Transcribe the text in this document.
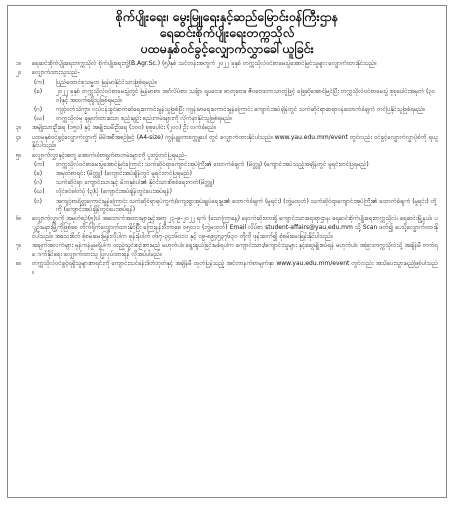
စိုက်ပျိုးရေး၊ မွေးမြူရေးနှင့်ဆည်မြောင်းဝန်ကြီးဌာန
ရေဆင်းစိုက်ပျိုးရေးတက္ကသိုလ်
ပထမနှစ်ဝင်ခွင့်လျှောက်လွှာခေါ်ယူခြင်း
၁။	ရေဆင်းစိုက်ပျိုးရေးတက္ကသိုလ် စိုက်ပျိုးရေးဘွဲ့(B.Agr.Sc.) (၅)နှစ် သင်တန်းအတွက် ၂၀၂၂ ခုနှစ် တက္ကသိုလ်ဝင်စာမေးပွဲအောင်မြင်သူများ လျှောက်ထားနိုင်သည်။
၂။	လျှောက်ထားသူသည်-
(က)	ပြည်ထောင်စုသမ္မတ မြန်မာနိုင်ငံသားဖြစ်ရမည်။
(ခ)	၂၀၂၂ ခုနှစ် တက္ကသိုလ်ဝင်စာမေးပွဲတွင် မြန်မာစာ၊ အင်္ဂလိပ်စာ၊ သင်္ချာ၊ ရူပဗေဒ၊ ဓာတုဗေဒ၊ ဇီဝဗေဒဘာသာတွဲဖြင့် ဖြေဆိုအောင်မြင်ပြီး တက္ကသိုလ်ဝင်စာမေးပွဲ စုစုပေါင်းအမှတ် (၃၀၀)နှင့် အထက်ရရှိသူဖြစ်ရမည်။
(ဂ)	ကျင့်ဝတ်သိက္ခာ၊ လုပ်ငန်းခွင်ဆက်ဆံရေးကောင်းမွန်သူဖြစ်ပြီး ကျန်းမာရေးကောင်းမွန်ကြောင်း ကျောင်းအပ်ချိန်တွင် သက်ဆိုင်ရာဆရာဝန်ထောက်ခံချက် တင်ပြနိုင်သူဖြစ်ရမည်။
(ဃ)	တက္ကသိုလ်မှ ချမှတ်ထားသော စည်းမျဉ်း စည်းကမ်းများကို လိုက်နာနိုင်သူဖြစ်ရမည်။
၃။	အမျိုးသားဦးရေ (၁၅၀) နှင့် အမျိုးသမီးဦးရေ (၁၀၀) စုစုပေါင်း (၂၀၀) ဦး လက်ခံမည်။
၄။	ပထမနှစ်ဝင်ခွင့်လျှောက်လွှာကို မိမိအစီအစဉ်ဖြင့် (A4-size) ကွန်ပျူတာစက္ကူပေါ်တွင် လျှောက်ထားနိုင်ပါသည်။ www.yau.edu.mm/event တွင်လည်း ဝင်ခွင့်လျှောက်လွှာပုံစံကို ရယူနိုင်ပါသည်။
၅။	လျှောက်လွှာနှင့်အတူ အောက်ပါစာရွက်စာတမ်းများကို ပူးတွဲတင်ပြရမည်-
(က)	တက္ကသိုလ်ဝင်စာမေးပွဲအောင်မြင်ကြောင်း သက်ဆိုင်ရာကျောင်းအုပ်ကြီး၏ ထောက်ခံချက် (မိတ္တူ) (ကျောင်းအပ်သည့်အချိန်တွင် မူရင်းတင်ပြရမည်)
(ခ)	အမှတ်စာရင်း (မိတ္တူ) (ကျောင်းအပ်ချိန်တွင် မူရင်းတင်ပြရမည်)
(ဂ)	သက်ဆိုင်ရာ ကျောင်းသားနှင့် မိဘနှစ်ပါး၏ နိုင်ငံသားစိစစ်ရေးကတ်(မိတ္တူ)
(ဃ)	လိုင်စင်ဓါတ်ပုံ (၃)ပုံ (ကျောင်းအပ်ချိန်တွင်ပေးအပ်ရန်)
(င)	အကျင့်စာရိတ္တကောင်းမွန်ကြောင်း သက်ဆိုင်ရာရပ်ကွက်/ကျေးရွာအုပ်ချုပ်ရေးမှူး၏ ထောက်ခံချက် (မူရင်း) (ဘွဲ့မထုတ်) သက်ဆိုင်ရာကျောင်းအုပ်ကြီး၏ ထောက်ခံချက် (မူရင်း) တို့ကို (ကျောင်းအပ်ချိန်တွင်ပေးအပ်ရန်)
၆။	လျှောက်လွှာကို အမှတ်စဉ်(၅)ပါ အထောက်အထားများနှင့်အတူ ၂၃-၉-၂၀၂၂ ရက် (သောကြာနေ့) နောက်ဆုံးထားရှိ ကျောင်းသားရေးရာဌာန၊ ရေဆင်းစိုက်ပျိုးရေးတက္ကသိုလ်၊ ရေဆင်းမြို့နယ်၊ ပျဉ်းမနားမြို့ကိုဖြစ်စေ တိုက်ရိုက်လျှောက်ထားနိုင်ပြီး ကြေးနန်းဝီဘာစေ ၀၅၀၁၁ (ဘွဲ့မထုတ်) Email လိပ်စာ student-affairs@yau.edu.mm သို့ Scan ဖတ်၍ ပေးပို့လျှောက်ထားနိုင်ပါသည်။ အသေးစိတ် စုံစမ်းမေးမြန်းလိုပါက ဖုန်းနံပါတ် ၀၆၇-၃၄၁၆၀၁၁ နှင့် ၀၉-၈၉၄၅၃၇၆၃၀ တို့ကို ဖုန်းဆက်၍ စုံစမ်းမေးမြန်းနိုင်ပါသည်။
၇။	အချက်အလက်များ မှန်ကန်မှုမရှိပါက ထည့်သွင်းစဉ်းစားမည် မဟုတ်ပါ။ ရွေးချယ်ခြင်းမခံရပါက ကျောင်းသား/ကျောင်းသူများ နှင့်ဆွေမျိုးစပ်ရန် မဟုတ်ပါ။ အခြားတက္ကသိုလ်သို့ အချိန်မီ တက်ရောက်နိုင်ရေး လျှောက်ထားသူ ပြုလုပ်ထားရန် လိုအပ်ပါမည်။
၈။	တက္ကသိုလ်ဝင်ခွင့်ရရှိသူများစာရင်းကို ကျောင်းသင်ခန်းဒိတ်ဘုတ်နှင့် အချိန်မီ ထုတ်ပြန်သည့် အင်တာနက်စာမျက်နှာ www.yau.edu.mm/event တွင်လည်း အသိပေးသွားမည်ဖြစ်ပါသည်။
